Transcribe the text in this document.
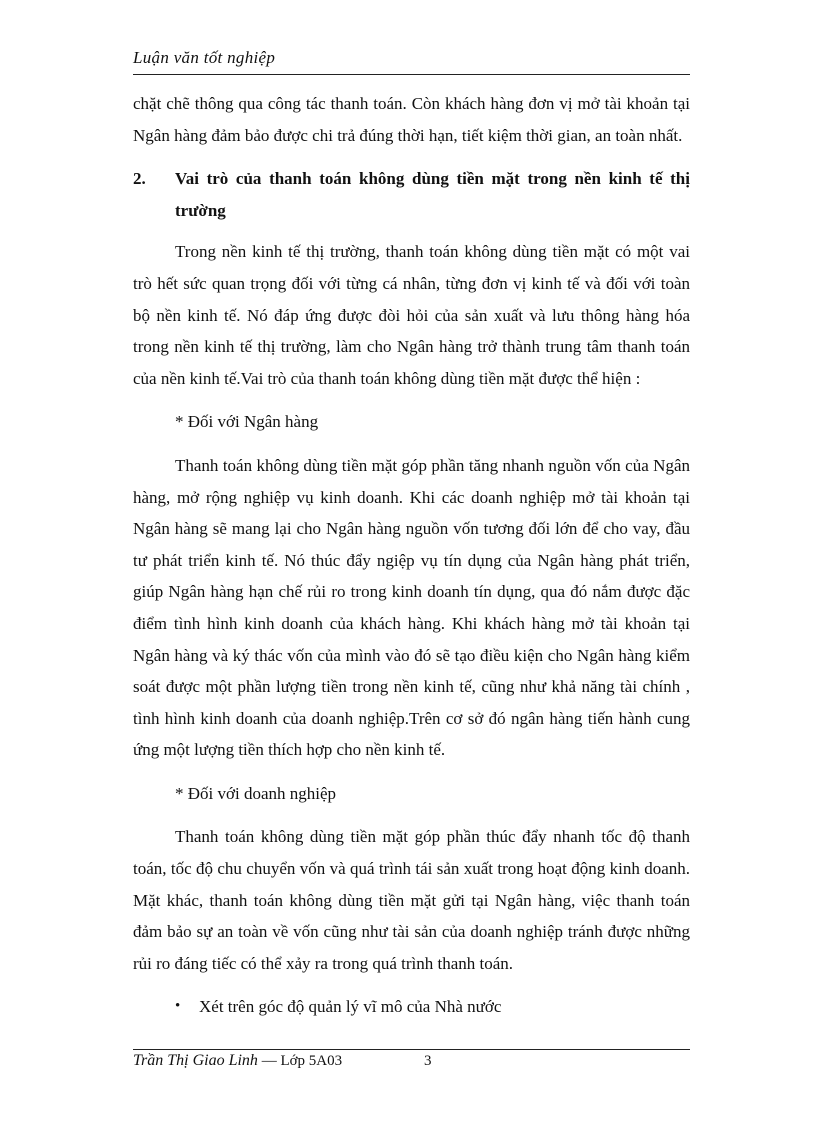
Luận văn tốt nghiệp

chặt chẽ thông qua công tác thanh toán. Còn khách hàng đơn vị mở tài khoản tại Ngân hàng đảm bảo được chi trả đúng thời hạn, tiết kiệm thời gian, an toàn nhất.

2.	Vai trò của thanh toán không dùng tiền mặt trong nền kinh tế thị trường

Trong nền kinh tế thị trường, thanh toán không dùng tiền mặt có một vai trò hết sức quan trọng đối với từng cá nhân, từng đơn vị kinh tế và đối với toàn bộ nền kinh tế. Nó đáp ứng được đòi hỏi của sản xuất và lưu thông hàng hóa trong nền kinh tế thị trường, làm cho Ngân hàng trở thành trung tâm thanh toán của nền kinh tế.Vai trò của thanh toán không dùng tiền mặt được thể hiện :

* Đối với Ngân hàng

Thanh toán không dùng tiền mặt góp phần tăng nhanh nguồn vốn của Ngân hàng, mở rộng nghiệp vụ kinh doanh. Khi các doanh nghiệp mở tài khoản tại Ngân hàng sẽ mang lại cho Ngân hàng nguồn vốn tương đối lớn để cho vay, đầu tư phát triển kinh tế. Nó thúc đẩy ngiệp vụ tín dụng của Ngân hàng phát triển, giúp Ngân hàng hạn chế rủi ro trong kinh doanh tín dụng, qua đó nắm được đặc điểm tình hình kinh doanh của khách hàng. Khi khách hàng mở tài khoản tại Ngân hàng và ký thác vốn của mình vào đó sẽ tạo điều kiện cho Ngân hàng kiểm soát được một phần lượng tiền trong nền kinh tế, cũng như khả năng tài chính , tình hình kinh doanh của doanh nghiệp.Trên cơ sở đó ngân hàng tiến hành cung ứng một lượng tiền thích hợp cho nền kinh tế.

* Đối với doanh nghiệp

Thanh toán không dùng tiền mặt góp phần thúc đẩy nhanh tốc độ thanh toán, tốc độ chu chuyển vốn và quá trình tái sản xuất trong hoạt động kinh doanh. Mặt khác, thanh toán không dùng tiền mặt gửi tại Ngân hàng, việc thanh toán đảm bảo sự an toàn về vốn cũng như tài sản của doanh nghiệp tránh được những rủi ro đáng tiếc có thể xảy ra trong quá trình thanh toán.

•	Xét trên góc độ quản lý vĩ mô của Nhà nước
Trần Thị Giao Linh — Lớp 5A03	3
